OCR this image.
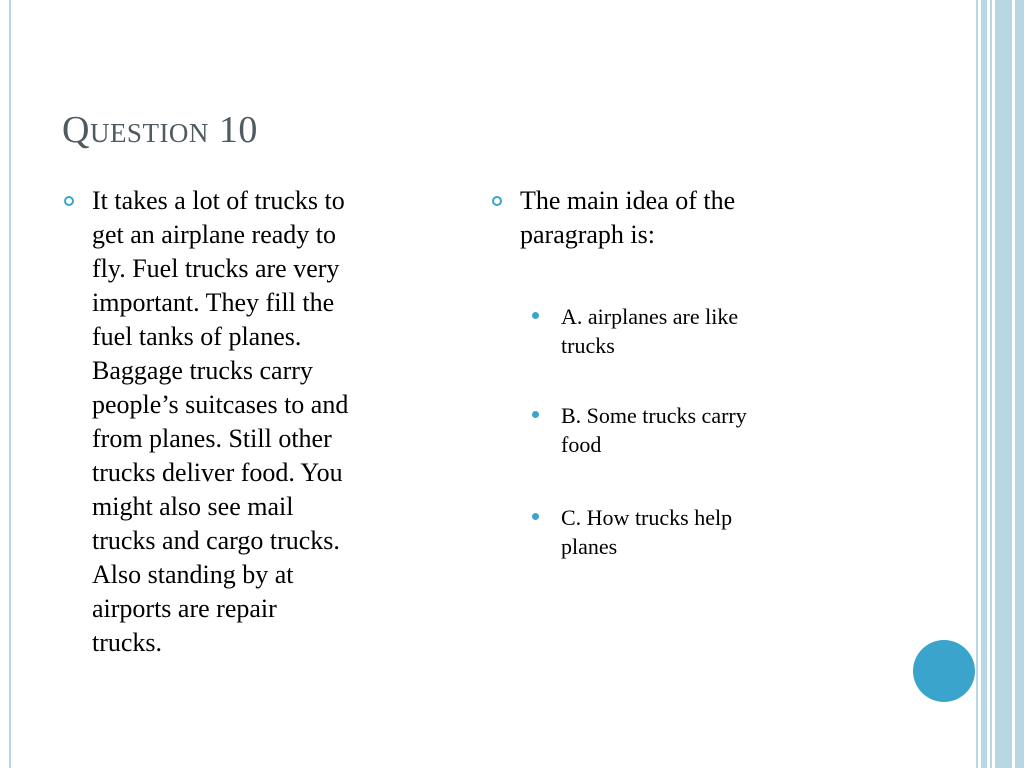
Question 10
It takes a lot of trucks to
get an airplane ready to
fly. Fuel trucks are very
important. They fill the
fuel tanks of planes.
Baggage trucks carry
people’s suitcases to and
from planes. Still other
trucks deliver food. You
might also see mail
trucks and cargo trucks.
Also standing by at
airports are repair
trucks.
The main idea of the
paragraph is:
A. airplanes are like
trucks
B. Some trucks carry
food
C. How trucks help
planes
